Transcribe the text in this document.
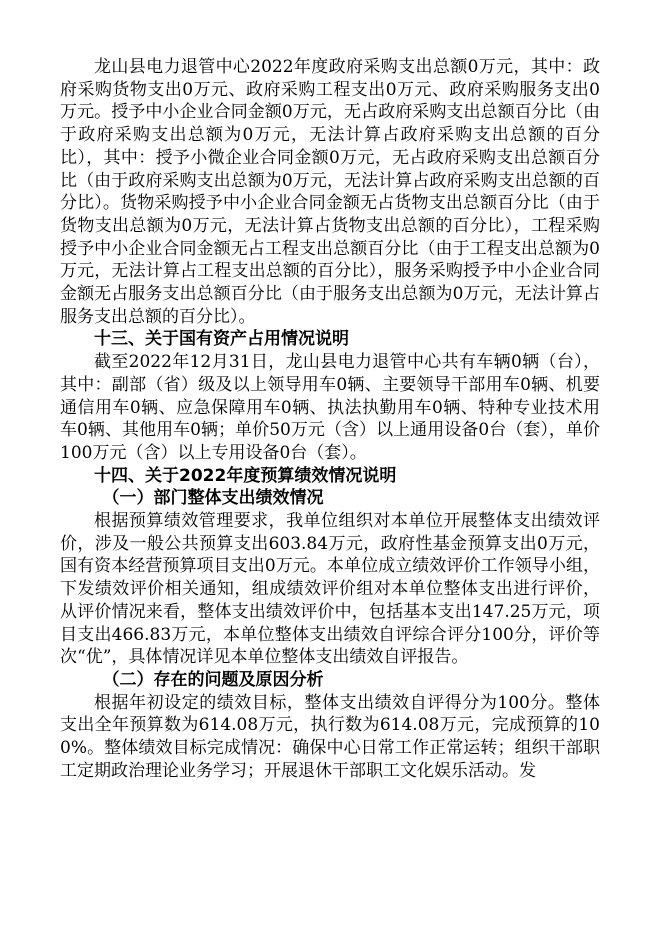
龙山县电力退管中心2022年度政府采购支出总额0万元，其中：政府采购货物支出0万元、政府采购工程支出0万元、政府采购服务支出0万元。授予中小企业合同金额0万元，无占政府采购支出总额百分比（由于政府采购支出总额为0万元，无法计算占政府采购支出总额的百分比），其中：授予小微企业合同金额0万元，无占政府采购支出总额百分比（由于政府采购支出总额为0万元，无法计算占政府采购支出总额的百分比）。货物采购授予中小企业合同金额无占货物支出总额百分比（由于货物支出总额为0万元，无法计算占货物支出总额的百分比），工程采购授予中小企业合同金额无占工程支出总额百分比（由于工程支出总额为0万元，无法计算占工程支出总额的百分比），服务采购授予中小企业合同金额无占服务支出总额百分比（由于服务支出总额为0万元，无法计算占服务支出总额的百分比）。

十三、关于国有资产占用情况说明

截至2022年12月31日，龙山县电力退管中心共有车辆0辆（台），其中：副部（省）级及以上领导用车0辆、主要领导干部用车0辆、机要通信用车0辆、应急保障用车0辆、执法执勤用车0辆、特种专业技术用车0辆、其他用车0辆；单价50万元（含）以上通用设备0台（套），单价100万元（含）以上专用设备0台（套）。

十四、关于2022年度预算绩效情况说明
（一）部门整体支出绩效情况

根据预算绩效管理要求，我单位组织对本单位开展整体支出绩效评价，涉及一般公共预算支出603.84万元，政府性基金预算支出0万元，国有资本经营预算项目支出0万元。本单位成立绩效评价工作领导小组，下发绩效评价相关通知，组成绩效评价组对本单位整体支出进行评价，从评价情况来看，整体支出绩效评价中，包括基本支出147.25万元，项目支出466.83万元，本单位整体支出绩效自评综合评分100分，评价等次“优”，具体情况详见本单位整体支出绩效自评报告。

（二）存在的问题及原因分析

根据年初设定的绩效目标，整体支出绩效自评得分为100分。整体支出全年预算数为614.08万元，执行数为614.08万元，完成预算的100%。整体绩效目标完成情况：确保中心日常工作正常运转；组织干部职工定期政治理论业务学习；开展退休干部职工文化娱乐活动。发
